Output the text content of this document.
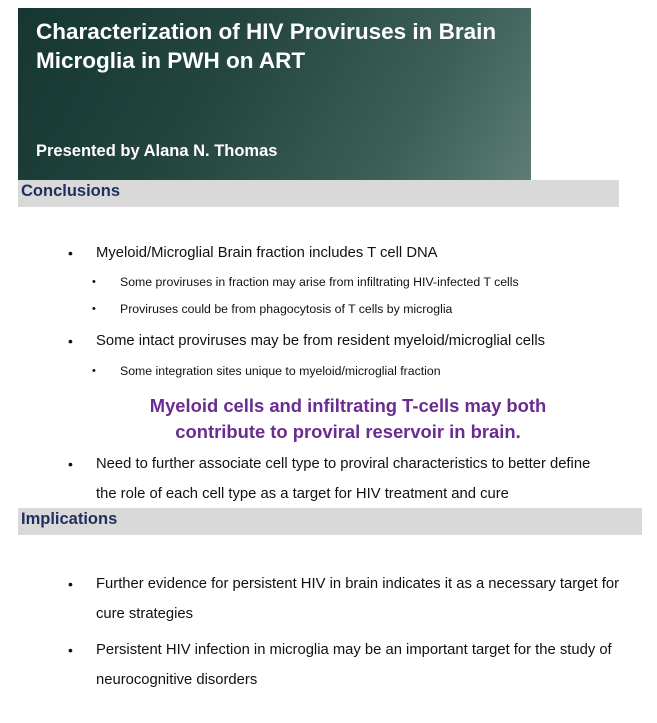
Characterization of HIV Proviruses in Brain Microglia in PWH on ART
Presented by Alana N. Thomas
Conclusions
• Myeloid/Microglial Brain fraction includes T cell DNA
• Some proviruses in fraction may arise from infiltrating HIV-infected T cells
• Proviruses could be from phagocytosis of T cells by microglia
• Some intact proviruses may be from resident myeloid/microglial cells
• Some integration sites unique to myeloid/microglial fraction
Myeloid cells and infiltrating T-cells may both
contribute to proviral reservoir in brain.
• Need to further associate cell type to proviral characteristics to better define
the role of each cell type as a target for HIV treatment and cure
Implications
• Further evidence for persistent HIV in brain indicates it as a necessary target for
cure strategies
• Persistent HIV infection in microglia may be an important target for the study of
neurocognitive disorders
